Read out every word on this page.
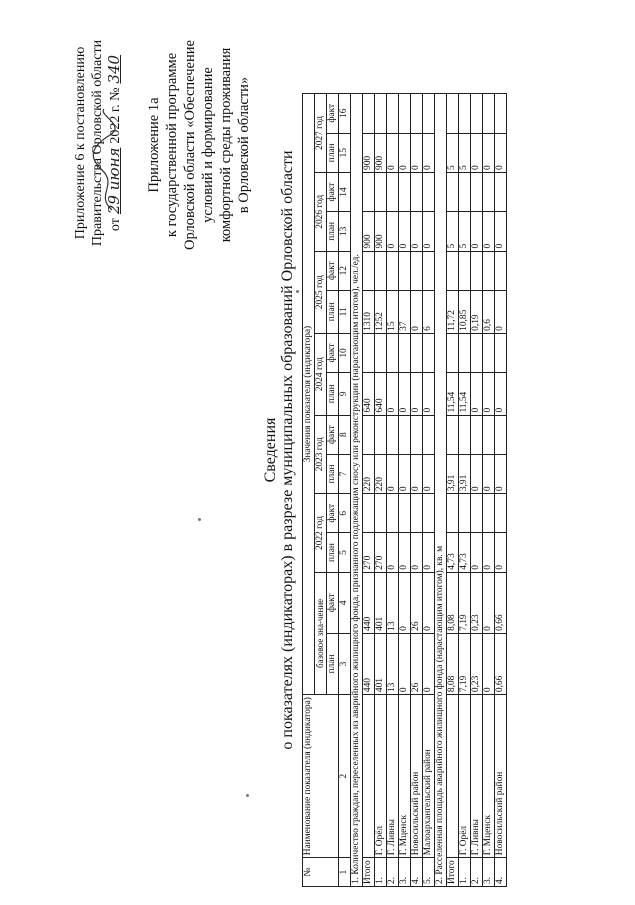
Приложение 6 к постановлению Правительства Орловской области от
29 июня
2022 г. №
340
Приложение 1а к государственной программе Орловской области «Обеспечение условий и формирование комфортной среды проживания в Орловской области»
Сведения о показателях (индикаторах) в разрезе муниципальных образований Орловской области
№	Наименование показателя (индикатора)	Значения показателя (индикатора)													
		базовое зна-чение		2022 год		2023 год		2024 год		2025 год		2026 год		2027 год	
		план	факт	план	факт	план	факт	план	факт	план	факт	план	факт	план	факт
1	2	3	4	5	6	7	8	9	10	11	12	13	14	15	16
1. Количество граждан, переселенных из аварийного жилищного фонда, признанного подлежащим сносу или реконструкции (нарастающим итогом), чел./ед.															
Итого		440	440	270		220		640		1310		900		900	
1.	Г. Орёл	401	401	270		220		640		1252		900		900	
2.	Г. Ливны	13	13	0		0		0		15		0		0	
3.	Г. Мценск	0	0	0		0		0		37		0		0	
4.	Новосильский район	26	26	0		0		0		0		0		0	
5.	Малоархангельский район	0	0	0		0		0		6		0		0	
2. Расселенная площадь аварийного жилищного фонда (нарастающим итогом), кв. м															
Итого		8,08	8,08	4,73		3,91		11,54		11,72		5		5	
1.	Г. Орёл	7,19	7,19	4,73		3,91		11,54		10,85		5		5	
2.	Г. Ливны	0,23	0,23	0		0		0		0,19		0		0	
3.	Г. Мценск	0	0	0		0		0		0,6		0		0	
4.	Новосильский район	0,66	0,66	0		0		0		0		0		0	
